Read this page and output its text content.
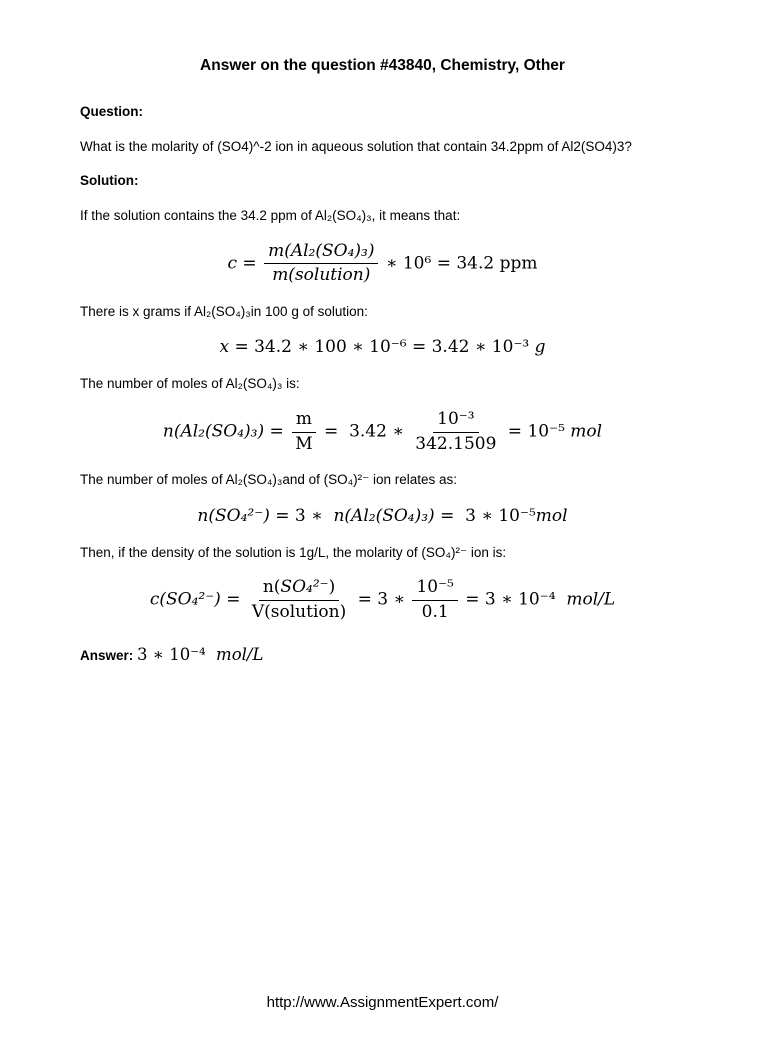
Answer on the question #43840, Chemistry, Other

Question:

What is the molarity of (SO4)^-2 ion in aqueous solution that contain 34.2ppm of Al2(SO4)3?

Solution:

If the solution contains the 34.2 ppm of Al₂(SO₄)₃, it means that:

$c = \frac{\text{m(Al₂(SO₄)₃)}}{\text{m(solution)}}$ ∗ 10⁶ = 34.2 ppm

There is x grams if Al₂(SO₄)₃in 100 g of solution:

x = 34.2 ∗ 100 ∗ 10⁻⁶ = 3.42 ∗ 10⁻³ g

The number of moles of Al₂(SO₄)₃ is:

$n(Al_2(SO_4)_3) = \frac{m}{M} = 3.42$ ∗ $\frac{\text{10⁻³}}{342.1509} = 10^{-5}$ mol

The number of moles of Al₂(SO₄)₃and of (SO₄)²⁻ ion relates as:

n(SO₄²⁻) = 3 ∗  n(Al₂(SO₄)₃) =  3 ∗ 10⁻⁵mol

Then, if the density of the solution is 1g/L, the molarity of (SO₄)²⁻ ion is:

$c(SO_4^{2-}) = \frac{\text{n(SO₄²⁻)}}{\text{V(solution)}} = 3$ ∗ $\frac{\text{10⁻⁵}}{0.1} = 3$ ∗ 10⁻⁴  mol/L

Answer: 3 ∗ 10⁻⁴  mol/L

http://www.AssignmentExpert.com/
